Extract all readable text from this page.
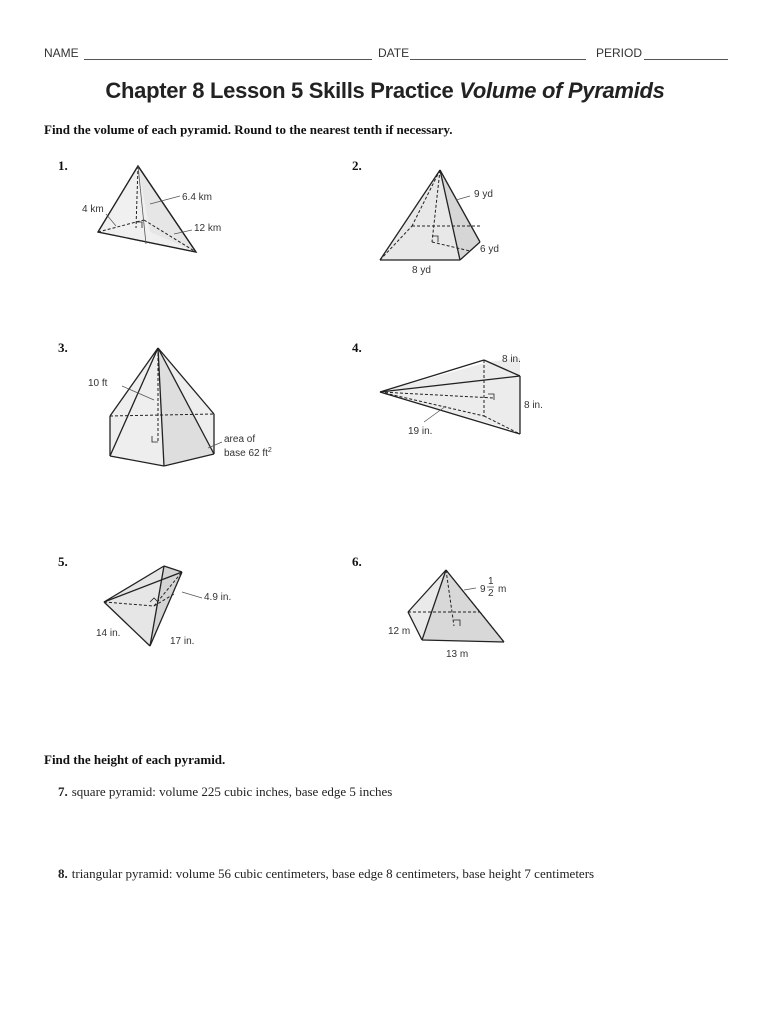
NAME	DATE	PERIOD
Chapter 8 Lesson 5 Skills Practice Volume of Pyramids
Find the volume of each pyramid. Round to the nearest tenth if necessary.
1.	2.
3.	4.
5.	6.
6.4 km
4 km
12 km
9 yd
6 yd
8 yd
10 ft
area of
base 62 $ft^2$
8 in.
8 in.
19 in.
4.9 in.
14 in.
17 in.
9
1
2 m
12 m
13 m
Find the height of each pyramid.
7. square pyramid: volume 225 cubic inches, base edge 5 inches
8. triangular pyramid: volume 56 cubic centimeters, base edge 8 centimeters, base height 7 centimeters
